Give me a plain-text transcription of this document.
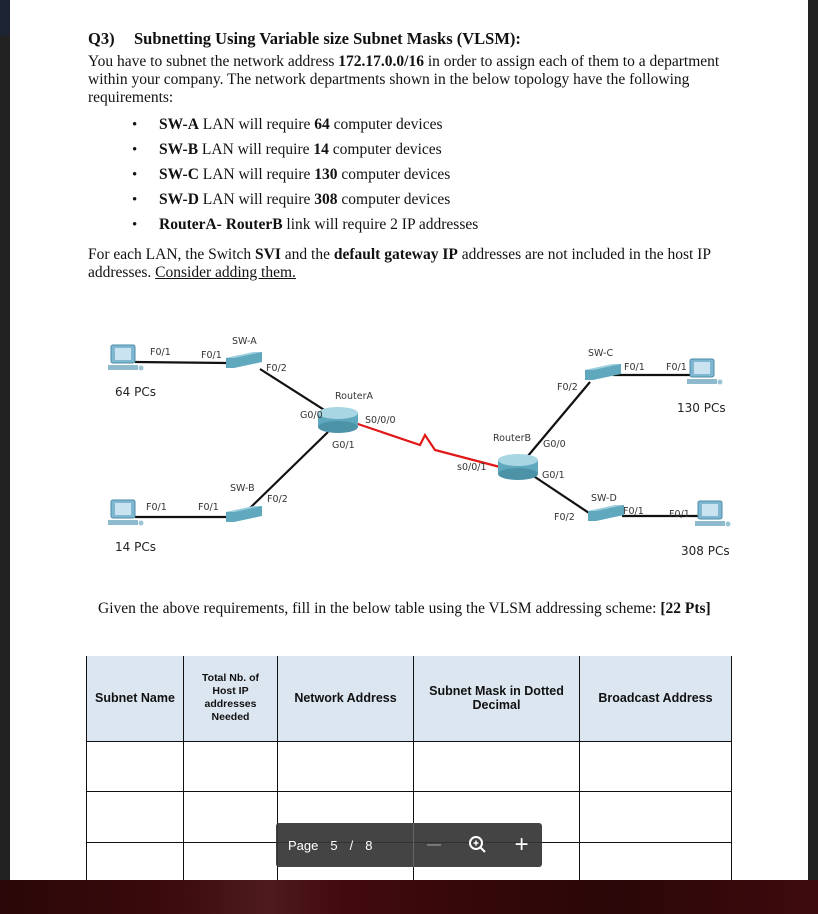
Q3) Subnetting Using Variable size Subnet Masks (VLSM):
You have to subnet the network address 172.17.0.0/16 in order to assign each of them to a department within your company. The network departments shown in the below topology have the following requirements:
• SW-A LAN will require 64 computer devices
• SW-B LAN will require 14 computer devices
• SW-C LAN will require 130 computer devices
• SW-D LAN will require 308 computer devices
• RouterA- RouterB link will require 2 IP addresses
For each LAN, the Switch SVI and the default gateway IP addresses are not included in the host IP addresses. Consider adding them.
SW-A
SW-B
SW-C
SW-D
RouterA
RouterB
F0/1	F0/1
F0/2
G0/0
G0/1
S0/0/0
s0/0/1
G0/0
G0/1
F0/2
F0/1 F0/1
F0/1	F0/1
F0/2
F0/2
F0/1	F0/1
64 PCs
14 PCs
130 PCs
308 PCs
Given the above requirements, fill in the below table using the VLSM addressing scheme: [22 Pts]
Subnet Name	Total Nb. of Host IP addresses Needed	Network Address	Subnet Mask in Dotted Decimal	Broadcast Address

Page 5 / 8	+
